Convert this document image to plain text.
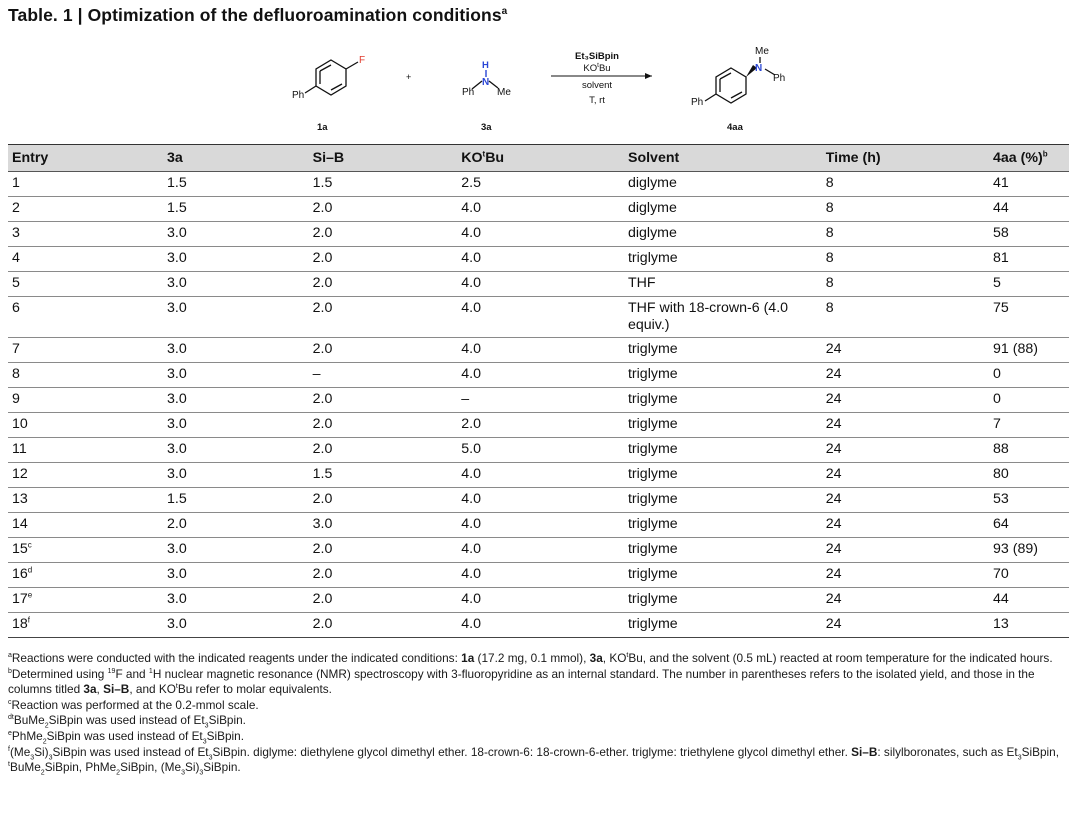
Table. 1 | Optimization of the defluoroamination conditions$^a$
F
Ph
1a
+
H
N
Ph Me
3a
Et₃SiBpin
$KO^tBu$
solvent
T, rt
Me
N
Ph
Ph
4aa
Entry	3a	Si–B	$KO^tBu$	Solvent	Time (h)	4aa (%)$^b$
1	1.5	1.5	2.5	diglyme	8	41
2	1.5	2.0	4.0	diglyme	8	44
3	3.0	2.0	4.0	diglyme	8	58
4	3.0	2.0	4.0	triglyme	8	81
5	3.0	2.0	4.0	THF	8	5
6	3.0	2.0	4.0	THF with 18-crown-6 (4.0 equiv.)	8	75
7	3.0	2.0	4.0	triglyme	24	91 (88)
8	3.0	–	4.0	triglyme	24	0
9	3.0	2.0	–	triglyme	24	0
10	3.0	2.0	2.0	triglyme	24	7
11	3.0	2.0	5.0	triglyme	24	88
12	3.0	1.5	4.0	triglyme	24	80
13	1.5	2.0	4.0	triglyme	24	53
14	2.0	3.0	4.0	triglyme	24	64
15$^c$	3.0	2.0	4.0	triglyme	24	93 (89)
16$^d$	3.0	2.0	4.0	triglyme	24	70
17e	3.0	2.0	4.0	triglyme	24	44
18$^f$	3.0	2.0	4.0	triglyme	24	13

$^a$Reactions were conducted with the indicated reagents under the indicated conditions: 1a (17.2 mg, 0.1 mmol), 3a, $KO^tBu$, and the solvent (0.5 mL) reacted at room temperature for the indicated hours.

$^b$Determined using $^{19}$F and $^1$H nuclear magnetic resonance (NMR) spectroscopy with 3-fluoropyridine as an internal standard. The number in parentheses refers to the isolated yield, and those in the columns titled 3a, Si–B, and $KO^tBu$ refer to molar equivalents.

$^c$Reaction was performed at the 0.2-mmol scale.

$^{dt}$BuMe$_2$SiBpin was used instead of $Et_3SiBpin$.

$^e$PhMe$_2$SiBpin was used instead of $Et_3SiBpin$.

$^f(Me_3Si)_3SiBpin$ was used instead of $Et_3SiBpin$. diglyme: diethylene glycol dimethyl ether. 18-crown-6: 18-crown-6-ether. triglyme: triethylene glycol dimethyl ether. Si–B: silylboronates, such as $Et_3SiBpin$, $^t$BuMe$_2$SiBpin, PhMe$_2$SiBpin, $(Me_3Si)_3SiBpin$.
